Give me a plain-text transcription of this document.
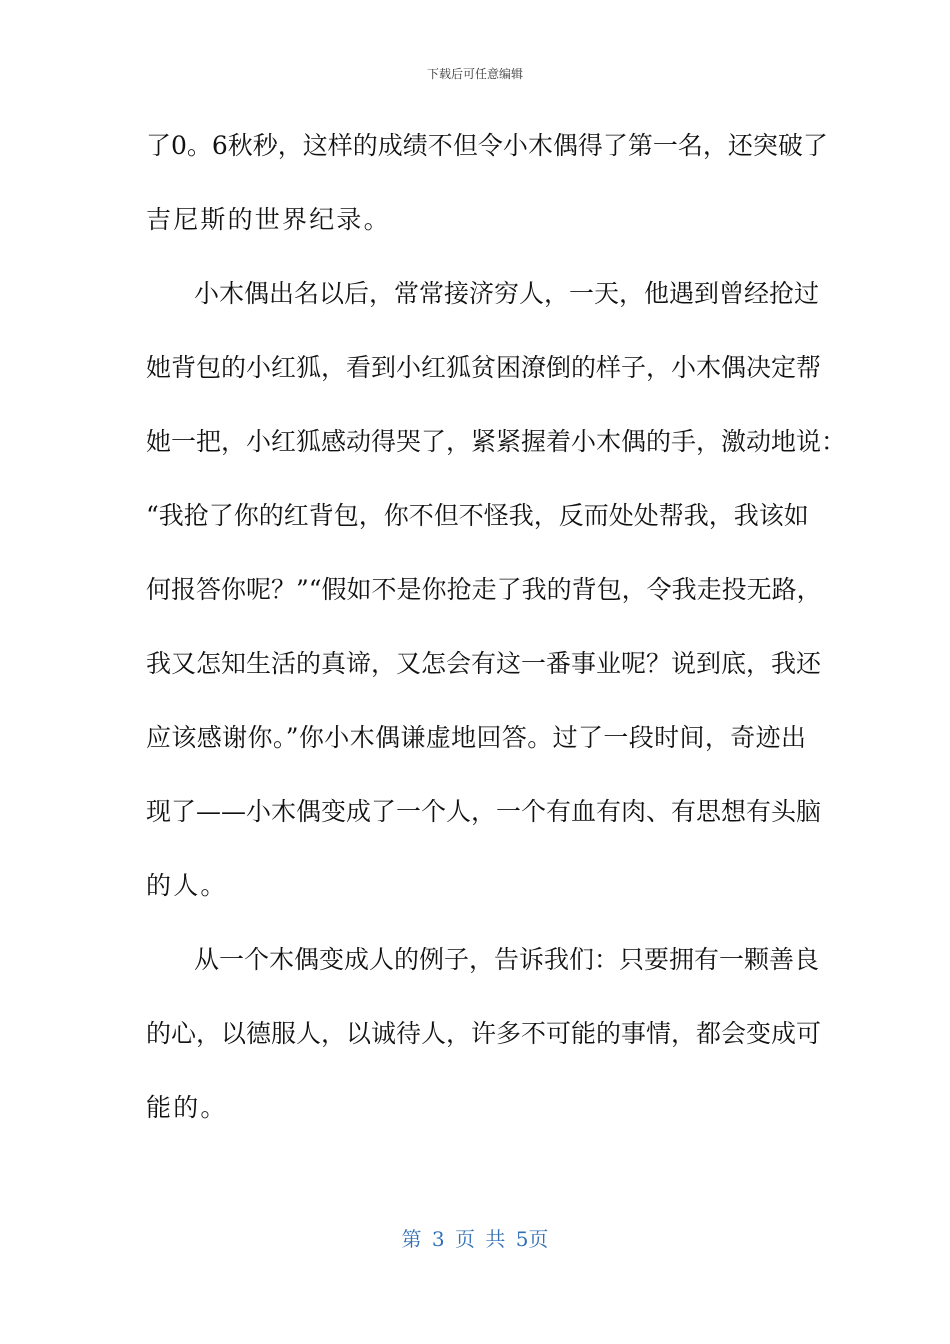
下载后可任意编辑
了0。6秋秒，这样的成绩不但令小木偶得了第一名，还突破了
吉尼斯的世界纪录。
小木偶出名以后，常常接济穷人，一天，他遇到曾经抢过
她背包的小红狐，看到小红狐贫困潦倒的样子，小木偶决定帮
她一把，小红狐感动得哭了，紧紧握着小木偶的手，激动地说：
“我抢了你的红背包，你不但不怪我，反而处处帮我，我该如
何报答你呢？”“假如不是你抢走了我的背包，令我走投无路，
我又怎知生活的真谛，又怎会有这一番事业呢？说到底，我还
应该感谢你。”你小木偶谦虚地回答。过了一段时间，奇迹出
现了——小木偶变成了一个人，一个有血有肉、有思想有头脑
的人。
从一个木偶变成人的例子，告诉我们：只要拥有一颗善良
的心，以德服人，以诚待人，许多不可能的事情，都会变成可
能的。
第 3 页 共 5页
